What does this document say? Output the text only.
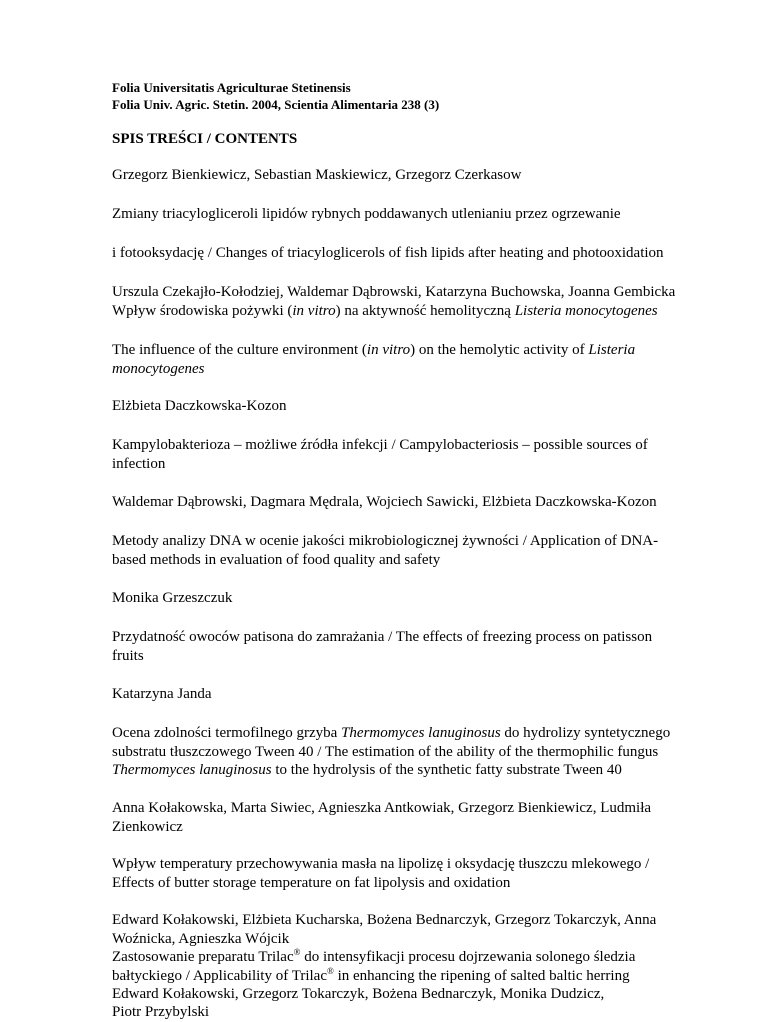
Folia Universitatis Agriculturae Stetinensis
Folia Univ. Agric. Stetin. 2004, Scientia Alimentaria 238 (3)
SPIS TREŚCI / CONTENTS
Grzegorz Bienkiewicz, Sebastian Maskiewicz, Grzegorz Czerkasow
Zmiany triacylogliceroli lipidów rybnych poddawanych utlenianiu przez ogrzewanie
i fotooksydację / Changes of triacyloglicerols of fish lipids after heating and photooxidation
Urszula Czekajło-Kołodziej, Waldemar Dąbrowski, Katarzyna Buchowska, Joanna Gembicka
Wpływ środowiska pożywki (in vitro) na aktywność hemolityczną Listeria monocytogenes
The influence of the culture environment (in vitro) on the hemolytic activity of Listeria monocytogenes
Elżbieta Daczkowska-Kozon
Kampylobakterioza – możliwe źródła infekcji / Campylobacteriosis – possible sources of infection
Waldemar Dąbrowski, Dagmara Mędrala, Wojciech Sawicki, Elżbieta Daczkowska-Kozon
Metody analizy DNA w ocenie jakości mikrobiologicznej żywności / Application of DNA-based methods in evaluation of food quality and safety
Monika Grzeszczuk
Przydatność owoców patisona do zamrażania / The effects of freezing process on patisson fruits
Katarzyna Janda
Ocena zdolności termofilnego grzyba Thermomyces lanuginosus do hydrolizy syntetycznego substratu tłuszczowego Tween 40 / The estimation of the ability of the thermophilic fungus Thermomyces lanuginosus to the hydrolysis of the synthetic fatty substrate Tween 40
Anna Kołakowska, Marta Siwiec, Agnieszka Antkowiak, Grzegorz Bienkiewicz, Ludmiła Zienkowicz
Wpływ temperatury przechowywania masła na lipolizę i oksydację tłuszczu mlekowego / Effects of butter storage temperature on fat lipolysis and oxidation
Edward Kołakowski, Elżbieta Kucharska, Bożena Bednarczyk, Grzegorz Tokarczyk, Anna Woźnicka, Agnieszka Wójcik
Zastosowanie preparatu Trilac® do intensyfikacji procesu dojrzewania solonego śledzia bałtyckiego / Applicability of Trilac® in enhancing the ripening of salted baltic herring
Edward Kołakowski, Grzegorz Tokarczyk, Bożena Bednarczyk, Monika Dudzicz,
Piotr Przybylski
